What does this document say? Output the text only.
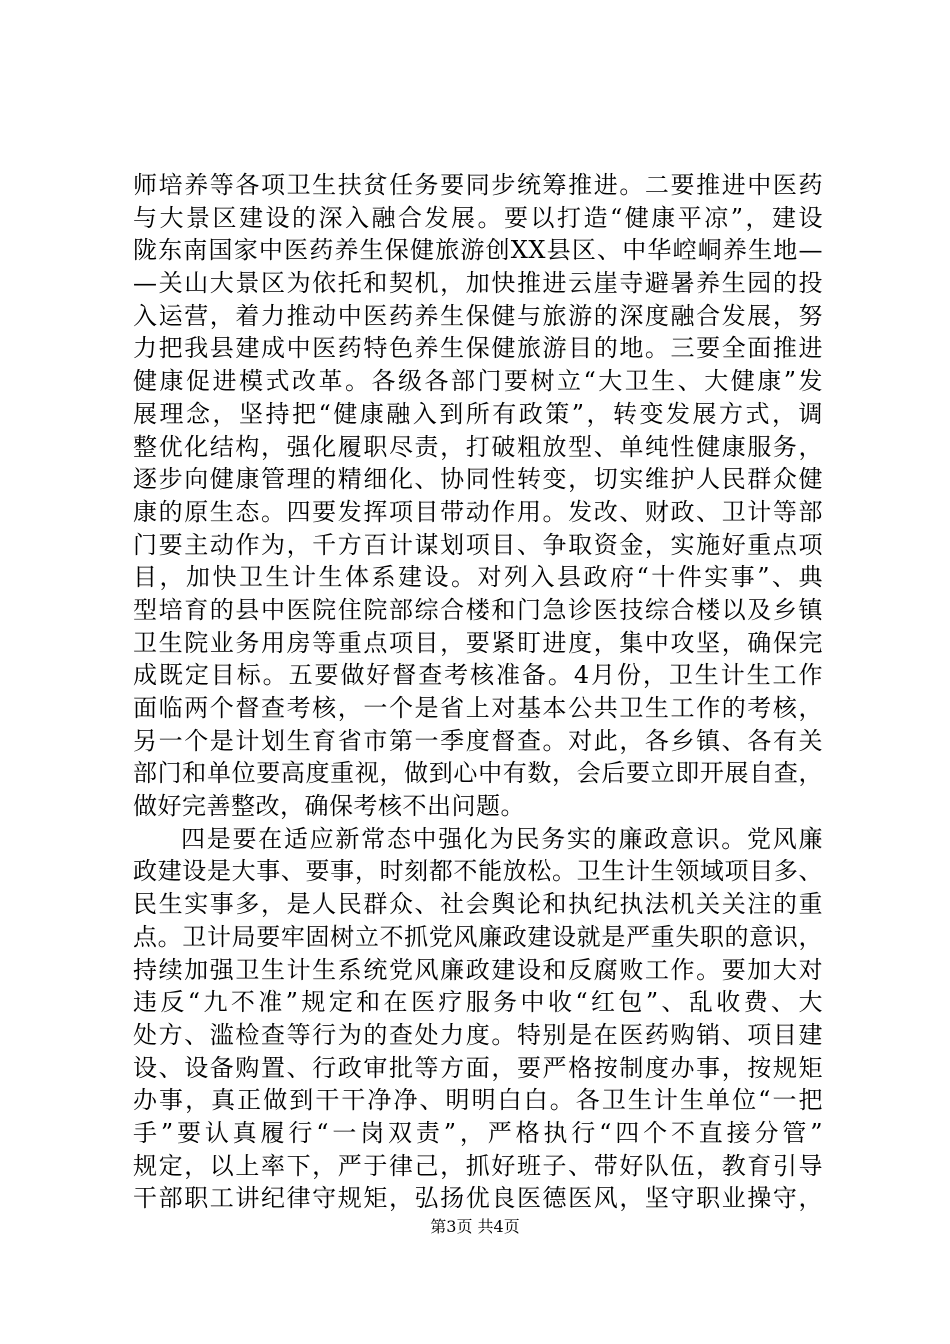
师培养等各项卫生扶贫任务要同步统筹推进。二要推进中医药
与大景区建设的深入融合发展。要以打造“健康平凉”，建设
陇东南国家中医药养生保健旅游创XX县区、中华崆峒养生地—
—关山大景区为依托和契机，加快推进云崖寺避暑养生园的投
入运营，着力推动中医药养生保健与旅游的深度融合发展，努
力把我县建成中医药特色养生保健旅游目的地。三要全面推进
健康促进模式改革。各级各部门要树立“大卫生、大健康”发
展理念，坚持把“健康融入到所有政策”，转变发展方式，调
整优化结构，强化履职尽责，打破粗放型、单纯性健康服务，
逐步向健康管理的精细化、协同性转变，切实维护人民群众健
康的原生态。四要发挥项目带动作用。发改、财政、卫计等部
门要主动作为，千方百计谋划项目、争取资金，实施好重点项
目，加快卫生计生体系建设。对列入县政府“十件实事”、典
型培育的县中医院住院部综合楼和门急诊医技综合楼以及乡镇
卫生院业务用房等重点项目，要紧盯进度，集中攻坚，确保完
成既定目标。五要做好督查考核准备。4月份，卫生计生工作
面临两个督查考核，一个是省上对基本公共卫生工作的考核，
另一个是计划生育省市第一季度督查。对此，各乡镇、各有关
部门和单位要高度重视，做到心中有数，会后要立即开展自查，
做好完善整改，确保考核不出问题。
四是要在适应新常态中强化为民务实的廉政意识。党风廉
政建设是大事、要事，时刻都不能放松。卫生计生领域项目多、
民生实事多，是人民群众、社会舆论和执纪执法机关关注的重
点。卫计局要牢固树立不抓党风廉政建设就是严重失职的意识，
持续加强卫生计生系统党风廉政建设和反腐败工作。要加大对
违反“九不准”规定和在医疗服务中收“红包”、乱收费、大
处方、滥检查等行为的查处力度。特别是在医药购销、项目建
设、设备购置、行政审批等方面，要严格按制度办事，按规矩
办事，真正做到干干净净、明明白白。各卫生计生单位“一把
手”要认真履行“一岗双责”，严格执行“四个不直接分管”
规定，以上率下，严于律己，抓好班子、带好队伍，教育引导
干部职工讲纪律守规矩，弘扬优良医德医风，坚守职业操守，
第3页 共4页
